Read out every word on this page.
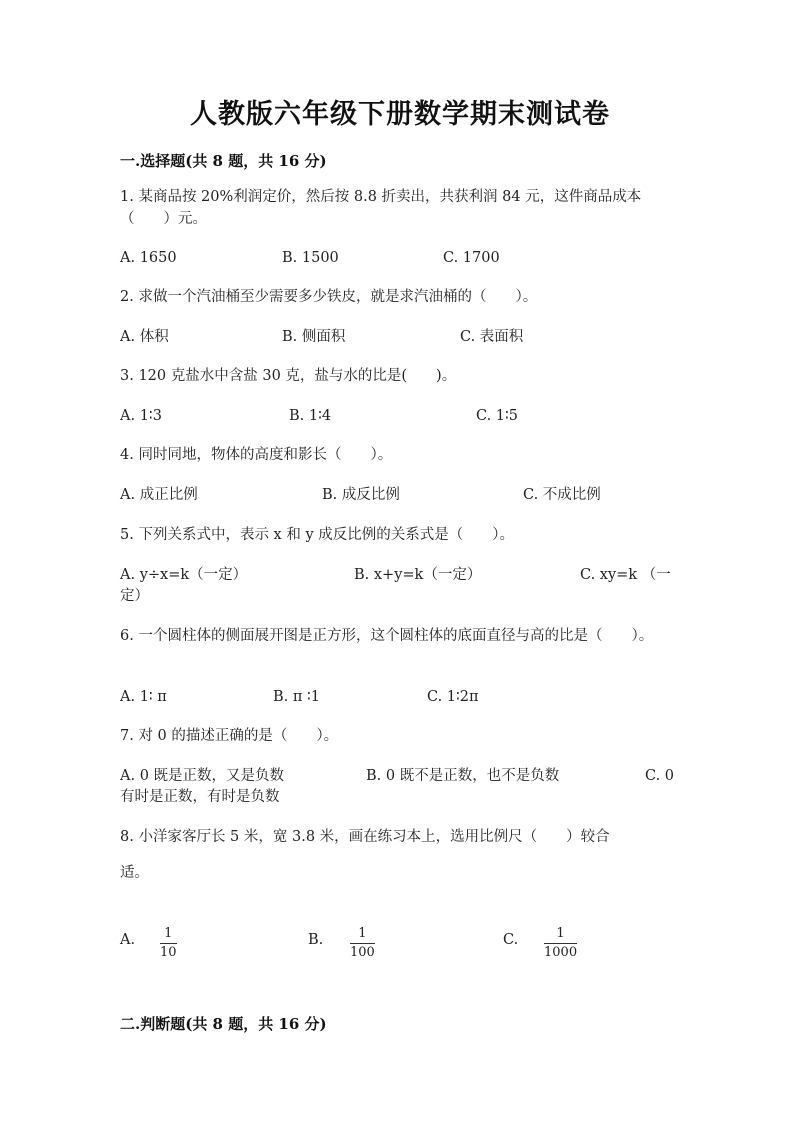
人教版六年级下册数学期末测试卷
一.选择题(共 8 题，共 16 分)
1. 某商品按 20%利润定价，然后按 8.8 折卖出，共获利润 84 元，这件商品成本（　　）元。
A. 1650	B. 1500	C. 1700
2. 求做一个汽油桶至少需要多少铁皮，就是求汽油桶的（　　）。
A. 体积	B. 侧面积	C. 表面积
3. 120 克盐水中含盐 30 克，盐与水的比是(　　)。
A. 1∶3	B. 1∶4	C. 1∶5
4. 同时同地，物体的高度和影长（　　）。
A. 成正比例	B. 成反比例	C. 不成比例
5. 下列关系式中，表示 x 和 y 成反比例的关系式是（　　）。
A. y÷x=k（一定）	B. x+y=k（一定）	C. xy=k （一
定）
6. 一个圆柱体的侧面展开图是正方形，这个圆柱体的底面直径与高的比是（　　）。
A. 1∶ π	B. π ∶1	C. 1∶2π
7. 对 0 的描述正确的是（　　）。
A. 0 既是正数，又是负数	B. 0 既不是正数，也不是负数	C. 0
有时是正数，有时是负数
8. 小洋家客厅长 5 米，宽 3.8 米，画在练习本上，选用比例尺（　　）较合
适。
A. 1
10
B.	1
100
C.	1
1000
二.判断题(共 8 题，共 16 分)
